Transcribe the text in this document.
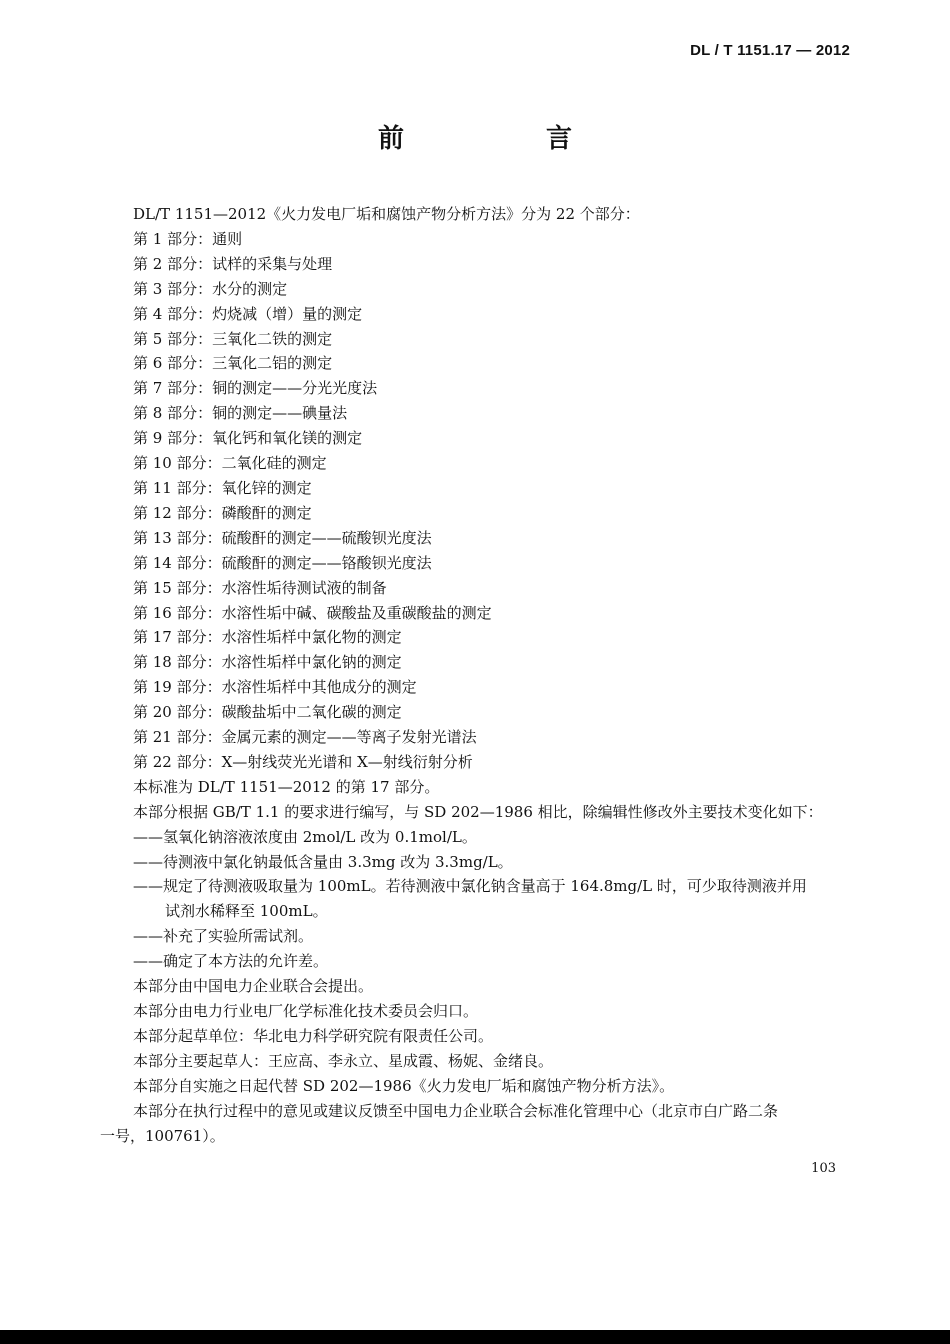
DL / T 1151.17 — 2012
前　言
DL/T 1151—2012《火力发电厂垢和腐蚀产物分析方法》分为 22 个部分：
第 1 部分：通则
第 2 部分：试样的采集与处理
第 3 部分：水分的测定
第 4 部分：灼烧减（增）量的测定
第 5 部分：三氧化二铁的测定
第 6 部分：三氧化二铝的测定
第 7 部分：铜的测定——分光光度法
第 8 部分：铜的测定——碘量法
第 9 部分：氧化钙和氧化镁的测定
第 10 部分：二氧化硅的测定
第 11 部分：氧化锌的测定
第 12 部分：磷酸酐的测定
第 13 部分：硫酸酐的测定——硫酸钡光度法
第 14 部分：硫酸酐的测定——铬酸钡光度法
第 15 部分：水溶性垢待测试液的制备
第 16 部分：水溶性垢中碱、碳酸盐及重碳酸盐的测定
第 17 部分：水溶性垢样中氯化物的测定
第 18 部分：水溶性垢样中氯化钠的测定
第 19 部分：水溶性垢样中其他成分的测定
第 20 部分：碳酸盐垢中二氧化碳的测定
第 21 部分：金属元素的测定——等离子发射光谱法
第 22 部分：X—射线荧光光谱和 X—射线衍射分析
本标准为 DL/T 1151—2012 的第 17 部分。
本部分根据 GB/T 1.1 的要求进行编写，与 SD 202—1986 相比，除编辑性修改外主要技术变化如下：
——氢氧化钠溶液浓度由 2mol/L 改为 0.1mol/L。
——待测液中氯化钠最低含量由 3.3mg 改为 3.3mg/L。
——规定了待测液吸取量为 100mL。若待测液中氯化钠含量高于 164.8mg/L 时，可少取待测液并用
试剂水稀释至 100mL。
——补充了实验所需试剂。
——确定了本方法的允许差。
本部分由中国电力企业联合会提出。
本部分由电力行业电厂化学标准化技术委员会归口。
本部分起草单位：华北电力科学研究院有限责任公司。
本部分主要起草人：王应高、李永立、星成霞、杨妮、金绪良。
本部分自实施之日起代替 SD 202—1986《火力发电厂垢和腐蚀产物分析方法》。
本部分在执行过程中的意见或建议反馈至中国电力企业联合会标准化管理中心（北京市白广路二条
一号，100761）。
103
